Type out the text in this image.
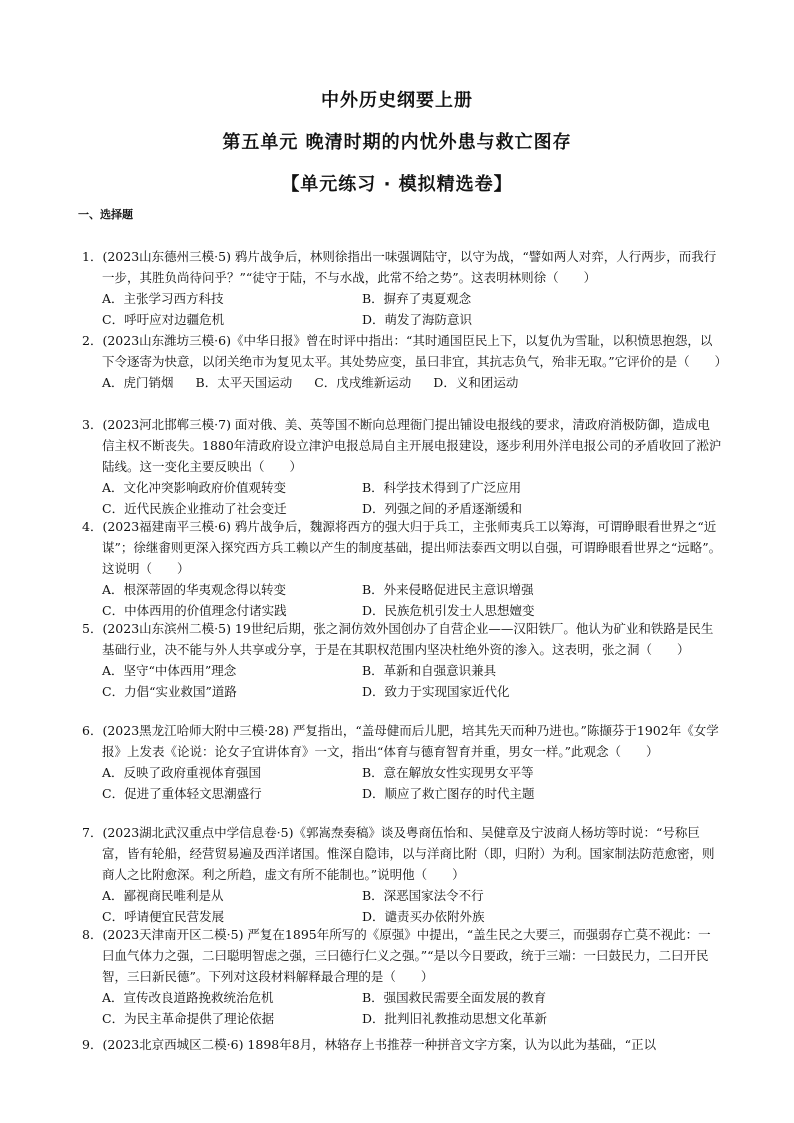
中外历史纲要上册
第五单元 晚清时期的内忧外患与救亡图存
【单元练习 · 模拟精选卷】
一、选择题
1．(2023山东德州三模·5) 鸦片战争后，林则徐指出一味强调陆守，以守为战，“譬如两人对弈，人行两步，而我行一步，其胜负尚待问乎？”“徒守于陆，不与水战，此常不给之势”。这表明林则徐（　　）
A．主张学习西方科技	B．摒弃了夷夏观念
C．呼吁应对边疆危机	D．萌发了海防意识
2．(2023山东潍坊三模·6)《中华日报》曾在时评中指出：“其时通国臣民上下，以复仇为雪耻，以积愤思抱怨，以下令逐寄为快意，以闭关绝市为复见太平。其处势应变，虽曰非宜，其抗志负气，殆非无取。”它评价的是（　　）
A．虎门销烟 B．太平天国运动 C．戊戌维新运动 D．义和团运动
3．(2023河北邯郸三模·7) 面对俄、美、英等国不断向总理衙门提出铺设电报线的要求，清政府消极防御，造成电信主权不断丧失。1880年清政府设立津沪电报总局自主开展电报建设，逐步利用外洋电报公司的矛盾收回了淞沪陆线。这一变化主要反映出（　　）
A．文化冲突影响政府价值观转变	B．科学技术得到了广泛应用
C．近代民族企业推动了社会变迁	D．列强之间的矛盾逐渐缓和
4．(2023福建南平三模·6) 鸦片战争后，魏源将西方的强大归于兵工，主张师夷兵工以筹海，可谓睁眼看世界之“近谋”；徐继畬则更深入探究西方兵工赖以产生的制度基础，提出师法泰西文明以自强，可谓睁眼看世界之“远略”。这说明（　　）
A．根深蒂固的华夷观念得以转变	B．外来侵略促进民主意识增强
C．中体西用的价值理念付诸实践	D．民族危机引发士人思想嬗变
5．(2023山东滨州二模·5) 19世纪后期，张之洞仿效外国创办了自营企业——汉阳铁厂。他认为矿业和铁路是民生基础行业，决不能与外人共享或分享，于是在其职权范围内坚决杜绝外资的渗入。这表明，张之洞（　　）
A．坚守“中体西用”理念	B．革新和自强意识兼具
C．力倡“实业救国”道路	D．致力于实现国家近代化
6．(2023黑龙江哈师大附中三模·28) 严复指出，“盖母健而后儿肥，培其先天而种乃进也。”陈撷芬于1902年《女学报》上发表《论说：论女子宜讲体育》一文，指出“体育与德育智育并重，男女一样。”此观念（　　）
A．反映了政府重视体育强国	B．意在解放女性实现男女平等
C．促进了重体轻文思潮盛行	D．顺应了救亡图存的时代主题
7．(2023湖北武汉重点中学信息卷·5)《郭嵩焘奏稿》谈及粤商伍怡和、吴健章及宁波商人杨坊等时说：“号称巨富，皆有轮船，经营贸易遍及西洋诸国。惟深自隐讳，以与洋商比附（即，归附）为利。国家制法防范愈密，则商人之比附愈深。利之所趋，虚文有所不能制也。”说明他（　　）
A．鄙视商民唯利是从	B．深恶国家法令不行
C．呼请便宜民营发展	D．谴责买办依附外族
8．(2023天津南开区二模·5) 严复在1895年所写的《原强》中提出，“盖生民之大要三，而强弱存亡莫不视此：一曰血气体力之强，二曰聪明智虑之强，三曰德行仁义之强。”“是以今日要政，统于三端：一曰鼓民力，二曰开民智，三曰新民德”。下列对这段材料解释最合理的是（　　）
A．宣传改良道路挽救统治危机	B．强国救民需要全面发展的教育
C．为民主革命提供了理论依据	D．批判旧礼教推动思想文化革新
9．(2023北京西城区二模·6) 1898年8月，林辂存上书推荐一种拼音文字方案，认为以此为基础，“正以
